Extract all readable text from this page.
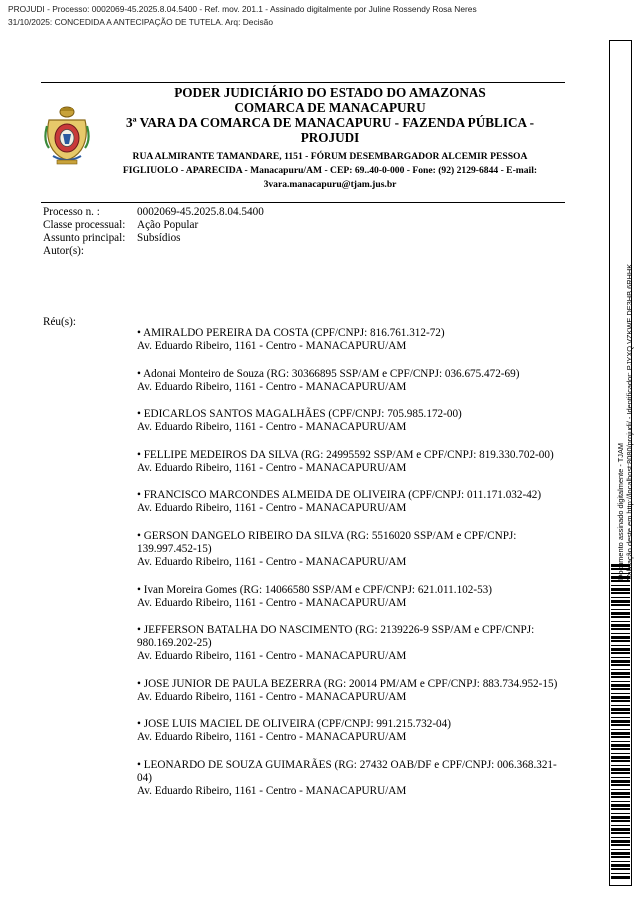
PROJUDI - Processo: 0002069-45.2025.8.04.5400 - Ref. mov. 201.1 - Assinado digitalmente por Juline Rossendy Rosa Neres
31/10/2025: CONCEDIDA A ANTECIPAÇÃO DE TUTELA. Arq: Decisão
PODER JUDICIÁRIO DO ESTADO DO AMAZONAS
COMARCA DE MANACAPURU
3ª VARA DA COMARCA DE MANACAPURU - FAZENDA PÚBLICA -
PROJUDI
RUA ALMIRANTE TAMANDARE, 1151 - FÓRUM DESEMBARGADOR ALCEMIR PESSOA
FIGLIUOLO - APARECIDA - Manacapuru/AM - CEP: 69..40-0-000 - Fone: (92) 2129-6844 - E-mail:
3vara.manacapuru@tjam.jus.br
Processo n. :	0002069-45.2025.8.04.5400
Classe processual:	Ação Popular
Assunto principal:	Subsídios
Autor(s):
Réu(s):
• AMIRALDO PEREIRA DA COSTA (CPF/CNPJ: 816.761.312-72)
Av. Eduardo Ribeiro, 1161 - Centro - MANACAPURU/AM
• Adonai Monteiro de Souza (RG: 30366895 SSP/AM e CPF/CNPJ: 036.675.472-69)
Av. Eduardo Ribeiro, 1161 - Centro - MANACAPURU/AM
• EDICARLOS SANTOS MAGALHÃES (CPF/CNPJ: 705.985.172-00)
Av. Eduardo Ribeiro, 1161 - Centro - MANACAPURU/AM
• FELLIPE MEDEIROS DA SILVA (RG: 24995592 SSP/AM e CPF/CNPJ: 819.330.702-00)
Av. Eduardo Ribeiro, 1161 - Centro - MANACAPURU/AM
• FRANCISCO MARCONDES ALMEIDA DE OLIVEIRA (CPF/CNPJ: 011.171.032-42)
Av. Eduardo Ribeiro, 1161 - Centro - MANACAPURU/AM
• GERSON DANGELO RIBEIRO DA SILVA (RG: 5516020 SSP/AM e CPF/CNPJ: 139.997.452-15)
Av. Eduardo Ribeiro, 1161 - Centro - MANACAPURU/AM
• Ivan Moreira Gomes (RG: 14066580 SSP/AM e CPF/CNPJ: 621.011.102-53)
Av. Eduardo Ribeiro, 1161 - Centro - MANACAPURU/AM
• JEFFERSON BATALHA DO NASCIMENTO (RG: 2139226-9 SSP/AM e CPF/CNPJ: 980.169.202-25)
Av. Eduardo Ribeiro, 1161 - Centro - MANACAPURU/AM
• JOSE JUNIOR DE PAULA BEZERRA (RG: 20014 PM/AM e CPF/CNPJ: 883.734.952-15)
Av. Eduardo Ribeiro, 1161 - Centro - MANACAPURU/AM
• JOSE LUIS MACIEL DE OLIVEIRA (CPF/CNPJ: 991.215.732-04)
Av. Eduardo Ribeiro, 1161 - Centro - MANACAPURU/AM
• LEONARDO DE SOUZA GUIMARÃES (RG: 27432 OAB/DF e CPF/CNPJ: 006.368.321-04)
Av. Eduardo Ribeiro, 1161 - Centro - MANACAPURU/AM
Documento assinado digitalmente - TJAM Validação deste em http://localhost:8080/projudi/ - Identificador: PJYXQ VZKWE DE3HB 6RHHK
